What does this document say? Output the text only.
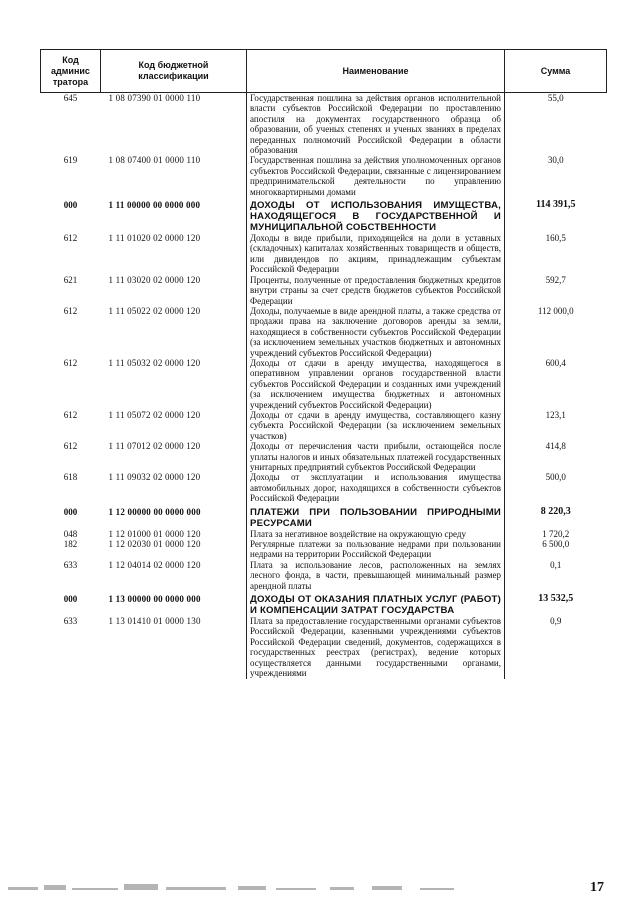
Код админис тратора	Код бюджетной классификации	Наименование	Сумма
645	1 08 07390 01 0000 110	Государственная пошлина за действия органов исполнительной власти субъектов Российской Федерации по проставлению апостиля на документах государственного образца об образовании, об ученых степенях и ученых званиях в пределах переданных полномочий Российской Федерации в области образования	55,0
619	1 08 07400 01 0000 110	Государственная пошлина за действия уполномоченных органов субъектов Российской Федерации, связанные с лицензированием предпринимательской деятельности по управлению многоквартирными домами	30,0
000	1 11 00000 00 0000 000	ДОХОДЫ ОТ ИСПОЛЬЗОВАНИЯ ИМУЩЕСТВА, НАХОДЯЩЕГОСЯ В ГОСУДАРСТВЕННОЙ И МУНИЦИПАЛЬНОЙ СОБСТВЕННОСТИ	114 391,5
612	1 11 01020 02 0000 120	Доходы в виде прибыли, приходящейся на доли в уставных (складочных) капиталах хозяйственных товариществ и обществ, или дивидендов по акциям, принадлежащим субъектам Российской Федерации	160,5
621	1 11 03020 02 0000 120	Проценты, полученные от предоставления бюджетных кредитов внутри страны за счет средств бюджетов субъектов Российской Федерации	592,7
612	1 11 05022 02 0000 120	Доходы, получаемые в виде арендной платы, а также средства от продажи права на заключение договоров аренды за земли, находящиеся в собственности субъектов Российской Федерации (за исключением земельных участков бюджетных и автономных учреждений субъектов Российской Федерации)	112 000,0
612	1 11 05032 02 0000 120	Доходы от сдачи в аренду имущества, находящегося в оперативном управлении органов государственной власти субъектов Российской Федерации и созданных ими учреждений (за исключением имущества бюджетных и автономных учреждений субъектов Российской Федерации)	600,4
612	1 11 05072 02 0000 120	Доходы от сдачи в аренду имущества, составляющего казну субъекта Российской Федерации (за исключением земельных участков)	123,1
612	1 11 07012 02 0000 120	Доходы от перечисления части прибыли, остающейся после уплаты налогов и иных обязательных платежей государственных унитарных предприятий субъектов Российской Федерации	414,8
618	1 11 09032 02 0000 120	Доходы от эксплуатации и использования имущества автомобильных дорог, находящихся в собственности субъектов Российской Федерации	500,0
000	1 12 00000 00 0000 000	ПЛАТЕЖИ ПРИ ПОЛЬЗОВАНИИ ПРИРОДНЫМИ РЕСУРСАМИ	8 220,3
048	1 12 01000 01 0000 120	Плата за негативное воздействие на окружающую среду	1 720,2
182	1 12 02030 01 0000 120	Регулярные платежи за пользование недрами при пользовании недрами на территории Российской Федерации	6 500,0
633	1 12 04014 02 0000 120	Плата за использование лесов, расположенных на землях лесного фонда, в части, превышающей минимальный размер арендной платы	0,1
000	1 13 00000 00 0000 000	ДОХОДЫ ОТ ОКАЗАНИЯ ПЛАТНЫХ УСЛУГ (РАБОТ) И КОМПЕНСАЦИИ ЗАТРАТ ГОСУДАРСТВА	13 532,5
633	1 13 01410 01 0000 130	Плата за предоставление государственными органами субъектов Российской Федерации, казенными учреждениями субъектов Российской Федерации сведений, документов, содержащихся в государственных реестрах (регистрах), ведение которых осуществляется данными государственными органами, учреждениями	0,9
17
